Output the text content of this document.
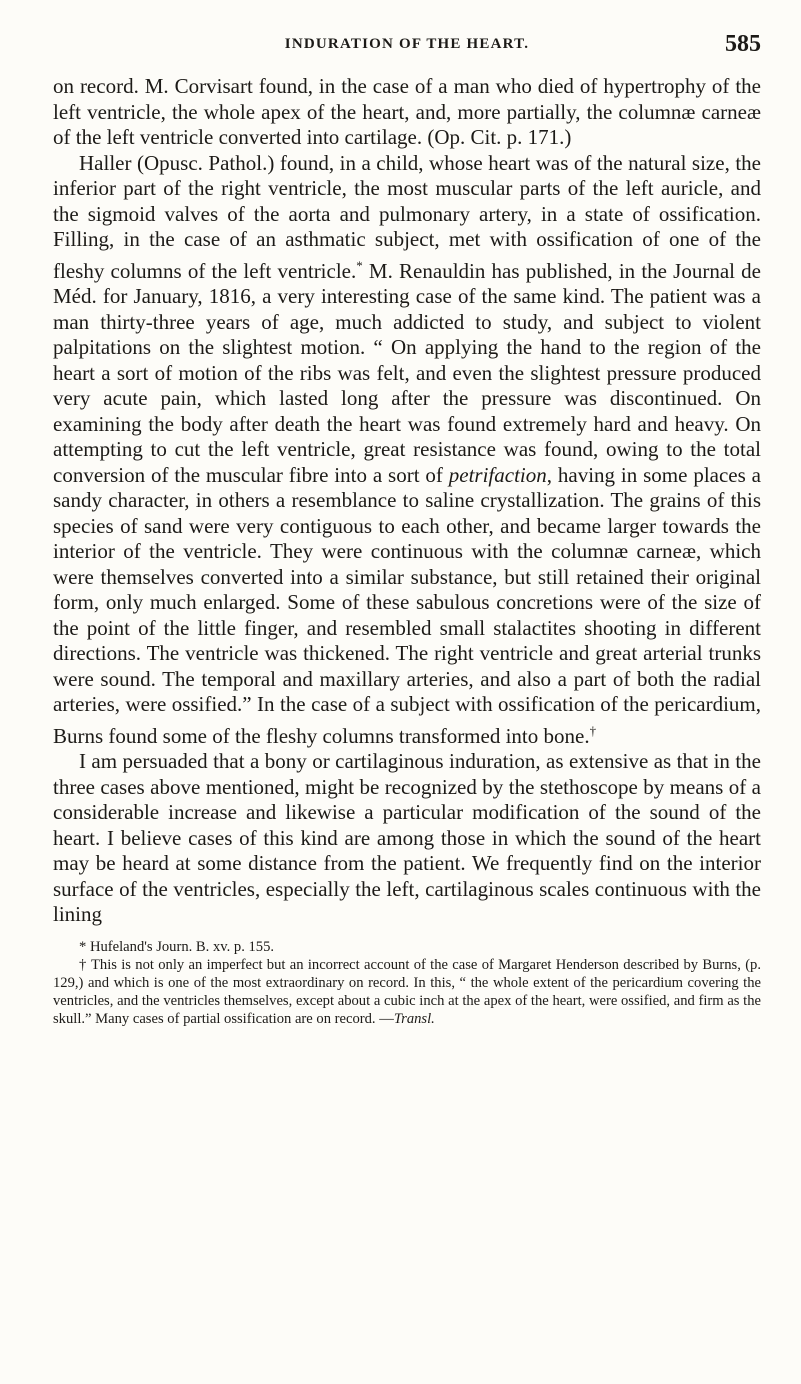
INDURATION OF THE HEART.	585

on record. M. Corvisart found, in the case of a man who died of hypertrophy of the left ventricle, the whole apex of the heart, and, more partially, the columnæ carneæ of the left ventricle converted into cartilage. (Op. Cit. p. 171.)

Haller (Opusc. Pathol.) found, in a child, whose heart was of the natural size, the inferior part of the right ventricle, the most muscular parts of the left auricle, and the sigmoid valves of the aorta and pulmonary artery, in a state of ossification. Filling, in the case of an asthmatic subject, met with ossification of one of the fleshy columns of the left ventricle.* M. Renauldin has published, in the Journal de Méd. for January, 1816, a very interesting case of the same kind. The patient was a man thirty-three years of age, much addicted to study, and subject to violent palpitations on the slightest motion. “ On applying the hand to the region of the heart a sort of motion of the ribs was felt, and even the slightest pressure produced very acute pain, which lasted long after the pressure was discontinued. On examining the body after death the heart was found extremely hard and heavy. On attempting to cut the left ventricle, great resistance was found, owing to the total conversion of the muscular fibre into a sort of petrifaction, having in some places a sandy character, in others a resemblance to saline crystallization. The grains of this species of sand were very contiguous to each other, and became larger towards the interior of the ventricle. They were continuous with the columnæ carneæ, which were themselves converted into a similar substance, but still retained their original form, only much enlarged. Some of these sabulous concretions were of the size of the point of the little finger, and resembled small stalactites shooting in different directions. The ventricle was thickened. The right ventricle and great arterial trunks were sound. The temporal and maxillary arteries, and also a part of both the radial arteries, were ossified.” In the case of a subject with ossification of the pericardium, Burns found some of the fleshy columns transformed into bone.†

I am persuaded that a bony or cartilaginous induration, as extensive as that in the three cases above mentioned, might be recognized by the stethoscope by means of a considerable increase and likewise a particular modification of the sound of the heart. I believe cases of this kind are among those in which the sound of the heart may be heard at some distance from the patient. We frequently find on the interior surface of the ventricles, especially the left, cartilaginous scales continuous with the lining

* Hufeland's Journ. B. xv. p. 155.

† This is not only an imperfect but an incorrect account of the case of Margaret Henderson described by Burns, (p. 129,) and which is one of the most extraordinary on record. In this, “ the whole extent of the pericardium covering the ventricles, and the ventricles themselves, except about a cubic inch at the apex of the heart, were ossified, and firm as the skull.” Many cases of partial ossification are on record. —Transl.
